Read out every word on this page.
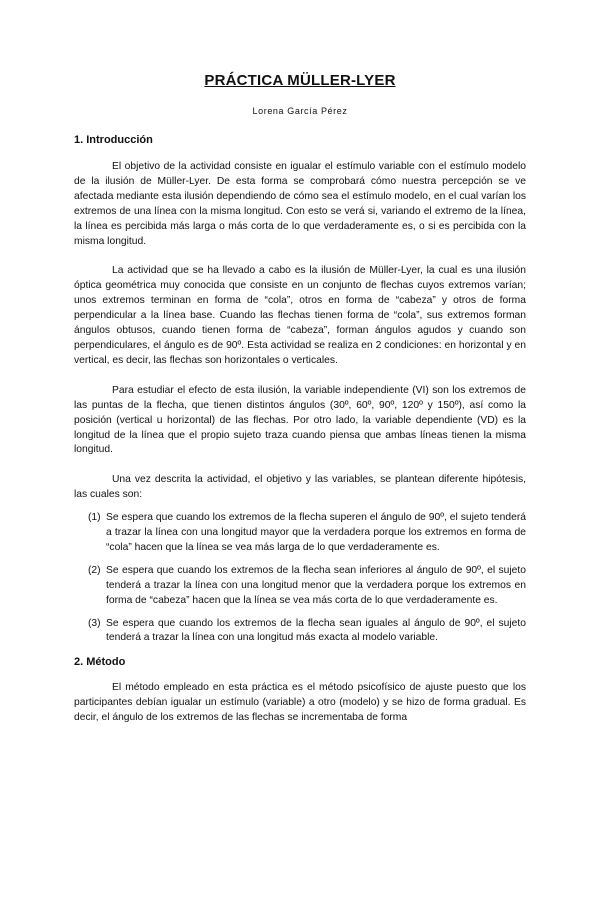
PRÁCTICA MÜLLER-LYER
Lorena García Pérez
1. Introducción

El objetivo de la actividad consiste en igualar el estímulo variable con el estímulo modelo de la ilusión de Müller-Lyer. De esta forma se comprobará cómo nuestra percepción se ve afectada mediante esta ilusión dependiendo de cómo sea el estímulo modelo, en el cual varían los extremos de una línea con la misma longitud. Con esto se verá si, variando el extremo de la línea, la línea es percibida más larga o más corta de lo que verdaderamente es, o si es percibida con la misma longitud.

La actividad que se ha llevado a cabo es la ilusión de Müller-Lyer, la cual es una ilusión óptica geométrica muy conocida que consiste en un conjunto de flechas cuyos extremos varían; unos extremos terminan en forma de “cola”, otros en forma de “cabeza” y otros de forma perpendicular a la línea base. Cuando las flechas tienen forma de “cola”, sus extremos forman ángulos obtusos, cuando tienen forma de “cabeza”, forman ángulos agudos y cuando son perpendiculares, el ángulo es de 90º. Esta actividad se realiza en 2 condiciones: en horizontal y en vertical, es decir, las flechas son horizontales o verticales.

Para estudiar el efecto de esta ilusión, la variable independiente (VI) son los extremos de las puntas de la flecha, que tienen distintos ángulos (30º, 60º, 90º, 120º y 150º), así como la posición (vertical u horizontal) de las flechas. Por otro lado, la variable dependiente (VD) es la longitud de la línea que el propio sujeto traza cuando piensa que ambas líneas tienen la misma longitud.

Una vez descrita la actividad, el objetivo y las variables, se plantean diferente hipótesis, las cuales son:

(1) Se espera que cuando los extremos de la flecha superen el ángulo de 90º, el sujeto tenderá a trazar la línea con una longitud mayor que la verdadera porque los extremos en forma de “cola” hacen que la línea se vea más larga de lo que verdaderamente es.
(2) Se espera que cuando los extremos de la flecha sean inferiores al ángulo de 90º, el sujeto tenderá a trazar la línea con una longitud menor que la verdadera porque los extremos en forma de “cabeza” hacen que la línea se vea más corta de lo que verdaderamente es.
(3) Se espera que cuando los extremos de la flecha sean iguales al ángulo de 90º, el sujeto tenderá a trazar la línea con una longitud más exacta al modelo variable.
2. Método

El método empleado en esta práctica es el método psicofísico de ajuste puesto que los participantes debían igualar un estímulo (variable) a otro (modelo) y se hizo de forma gradual. Es decir, el ángulo de los extremos de las flechas se incrementaba de forma
